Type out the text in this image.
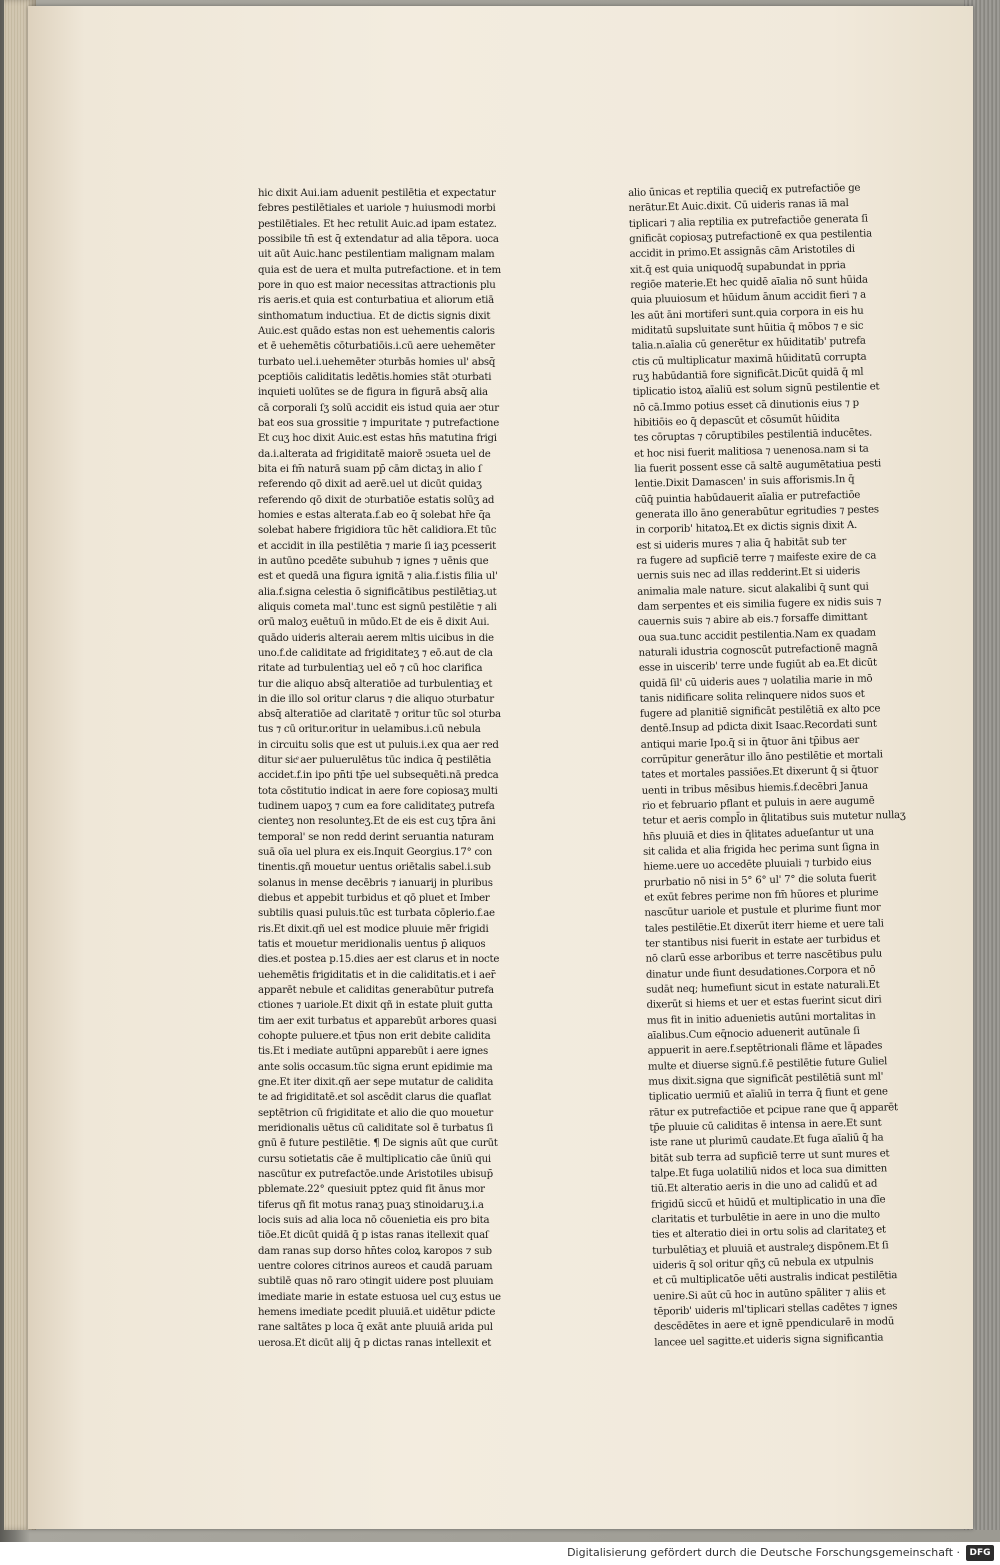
hic dixit Aui.iam aduenit pestilētia et expectatur
febres pestilētiales et uariole ⁊ huiusmodi morbi
pestilētiales. Et hec retulit Auic.ad ipam estatez.
possibile tn̄ est q̄ extendatur ad alia tēpora. uoca
uit aūt Auic.hanc pestilentiam malignam malam
quia est de uera et multa putrefactione. et in tem
pore in quo est maior necessitas attractionis plu
ris aeris.et quia est conturbatiua et aliorum etiā
sinthomatum inductiua. Et de dictis signis dixit
Auic.est quādo estas non est uehementis caloris
et ē uehemētis cōturbatiōis.i.cū aere uehemēter
turbato uel.i.uehemēter ↄturbās homies ul' absq̄
pceptiōis caliditatis ledētis.homies stāt ↄturbati
inquieti uolūtes se de figura in figurā absq̄ alia
cā corporali ſʒ solū accidit eis istud quia aer ↄtur
bat eos sua grossitie ⁊ impuritate ⁊ putrefactione
Et cuʒ hoc dixit Auic.est estas hn̄s matutina frigi
da.i.alterata ad frigiditatē maiorē ↄsueta uel de
bita ei fm̄ naturā suam pp̄ cām dictaʒ in alio ſ
referendo qō dixit ad aerē.uel ut dicūt quidaʒ
referendo qō dixit de ↄturbatiōe estatis solūʒ ad
homies e estas alterata.f.ab eo q̄ solebat hr̄e q̄a
solebat habere frigidiora tūc hēt calidiora.Et tūc
et accidit in illa pestilētia ⁊ marie ſi iaʒ pcesserit
in autūno pcedēte subuhub ⁊ ignes ⁊ uēnis que
est et quedā una figura ignitā ⁊ alia.f.istis filia ul'
alia.f.signa celestia ō significātibus pestilētiaʒ.ut
aliquis cometa mal'.tunc est signū pestilētie ⁊ ali
orū maloʒ euētuū in mūdo.Et de eis ē dixit Aui.
quādo uideris alteraiı aerem mltis uicibus in die
uno.f.de caliditate ad frigiditateʒ ⁊ eō.aut de cla
ritate ad turbulentiaʒ uel eō ⁊ cū hoc clarifica
tur die aliquo absq̄ alteratiōe ad turbulentiaʒ et
in die illo sol oritur clarus ⁊ die aliquo ↄturbatur
absq̄ alteratiōe ad claritatē ⁊ oritur tūc sol ↄturba
tus ⁊ cū oritur.oritur in uelamibus.i.cū nebula
in circuitu solis que est ut puluis.i.ex qua aer red
ditur sicͤ aer puluerulētus tūc indica q̄ pestilētia
accidet.f.in ipo pn̄ti tp̄e uel subsequēti.nā predca
tota cōstitutio indicat in aere fore copiosaʒ multi
tudinem uapoʒ ⁊ cum ea fore caliditateʒ putrefa
cienteʒ non resolunteʒ.Et de eis est cuʒ tp̄ra āni
temporal' se non redd derint seruantia naturam
suā oīa uel plura ex eis.Inquit Georgius.17° con
tinentis.qñ mouetur uentus oriētalis sabel.i.sub
solanus in mense decēbris ⁊ ianuarij in pluribus
diebus et appebit turbidus et qō pluet et Imber
subtilis quasi puluis.tūc est turbata cōplerio.f.ae
ris.Et dixit.qñ uel est modice pluuie mēr frigidi
tatis et mouetur meridionalis uentus p̄ aliquos
dies.et postea p.15.dies aer est clarus et in nocte
uehemētis frigiditatis et in die caliditatis.et i aer̄
apparēt nebule et caliditas generabūtur putrefa
ctiones ⁊ uariole.Et dixit qñ in estate pluit gutta
tim aer exit turbatus et apparebūt arbores quasi
cohopte puluere.et tp̄us non erit debite calidita
tis.Et i mediate autūpni apparebūt i aere ignes
ante solis occasum.tūc signa erunt epidimie ma
gne.Et iter dixit.qñ aer sepe mutatur de calidita
te ad frigiditatē.et sol ascēdit clarus die quaflat
septētrion cū frigiditate et alio die quo mouetur
meridionalis uētus cū caliditate sol ē turbatus ſi
gnū ē future pestilētie. ¶ De signis aūt que curūt
cursu sotietatis cāe ē multiplicatio cāe ūniū qui
nascūtur ex putrefactōe.unde Aristotiles ubisup̄
pblemate.22° quesiuit pptez quid fit ānus mor
tiferus qñ fit motus ranaʒ puaʒ stinoidaruʒ.i.a
locis suis ad alia loca nō cōuenietia eis pro bita
tiōe.Et dicūt quidā q̄ p istas ranas itellexit quaſ
dam ranas sup dorso hn̄tes coloꝝ karopos ⁊ sub
uentre colores citrinos aureos et caudā paruam
subtilē quas nō raro ↄtingit uidere post pluuiam
imediate marie in estate estuosa uel cuʒ estus ue
hemens imediate pcedit pluuiā.et uidētur pdicte
rane saltātes p loca q̄ exāt ante pluuiā arida pul
uerosa.Et dicūt alij q̄ p dictas ranas intellexit et
alio ūnicas et reptilia queciq̄ ex putrefactiōe ge
nerātur.Et Auic.dixit. Cū uideris ranas iā mal
tiplicari ⁊ alia reptilia ex putrefactiōe generata ſi
gnificāt copiosaʒ putrefactionē ex qua pestilentia
accidit in primo.Et assignās cām Aristotiles di
xit.q̄ est quia uniquodq̄ supabundat in ppria
regiōe materie.Et hec quidē aīalia nō sunt hūida
quia pluuiosum et hūidum ānum accidit fieri ⁊ a
les aūt āni mortiferi sunt.quia corpora in eis hu
miditatū supsluitate sunt hūitia q̄ mōbos ⁊ e sic
talia.n.aīalia cū generētur ex hūiditatib' putrefa
ctis cū multiplicatur maximā hūiditatū corrupta
ruʒ habūdantiā fore significāt.Dicūt quidā q̄ ml
tiplicatio istoꝝ aīaliū est solum signū pestilentie et
nō cā.Immo potius esset cā dinutionis eius ⁊ p
hibitiōis eo q̄ depascūt et cōsumūt hūidita
tes cōruptas ⁊ cōruptibiles pestilentiā inducētes.
et hoc nisi fuerit malitiosa ⁊ uenenosa.nam si ta
lia fuerit possent esse cā saltē augumētatiua pesti
lentie.Dixit Damascen' in suis afforismis.In q̄
cūq̄ puintia habūdauerit aīalia er putrefactiōe
generata illo āno generabūtur egritudies ⁊ pestes
in corporib' hitatoꝝ.Et ex dictis signis dixit A.
est si uideris mures ⁊ alia q̄ habitāt sub ter
ra fugere ad supficiē terre ⁊ maifeste exire de ca
uernis suis nec ad illas redderint.Et si uideris
animalia male nature. sicut alakalibi q̄ sunt qui
dam serpentes et eis similia fugere ex nidis suis ⁊
cauernis suis ⁊ abire ab eis.⁊ forsaffe dimittant
oua sua.tunc accidit pestilentia.Nam ex quadam
naturali idustria cognoscūt putrefactionē magnā
esse in uiscerib' terre unde fugiūt ab ea.Et dicūt
quidā ſil' cū uideris aues ⁊ uolatilia marie in mō
tanis nidificare solita relinquere nidos suos et
fugere ad planitiē significāt pestilētiā ex alto pce
dentē.Insup ad pdicta dixit Isaac.Recordati sunt
antiqui marie Ipo.q̄ si in q̄tuor āni tp̄ibus aer
corrūpitur generātur illo āno pestilētie et mortali
tates et mortales passiōes.Et dixerunt q̄ si q̄tuor
uenti in tribus mēsibus hiemis.f.decēbri Janua
rio et februario pflant et puluis in aere augumē
tetur et aeris compl̄o in q̄litatibus suis mutetur nullaʒ
hn̄s pluuiā et dies in q̄litates adueſantur ut una
sit calida et alia frigida hec perima sunt ſigna in
hieme.uere uo accedēte pluuiali ⁊ turbido eius
prurbatio nō nisi in 5° 6° ul' 7° die soluta fuerit
et exūt febres perime non fm̄ hūores et plurime
nascūtur uariole et pustule et plurime fiunt mor
tales pestilētie.Et dixerūt iterr hieme et uere tali
ter stantibus nisi fuerit in estate aer turbidus et
nō clarū esse arboribus et terre nascētibus pulu
dinatur unde fiunt desudationes.Corpora et nō
sudāt neq; humefiunt sicut in estate naturali.Et
dixerūt si hiems et uer et estas fuerint sicut diri
mus fit in initio aduenietis autūni mortalitas in
aīalibus.Cum eq̄nocio aduenerit autūnale ſi
appuerit in aere.f.septētrionali flāme et lāpades
multe et diuerse signū.f.ē pestilētie future Guliel
mus dixit.signa que significāt pestilētiā sunt ml'
tiplicatio uermiū et aīaliū in terra q̄ fiunt et gene
rātur ex putrefactiōe et pcipue rane que q̄ apparēt
tp̄e pluuie cū caliditas ē intensa in aere.Et sunt
iste rane ut plurimū caudate.Et fuga aīaliū q̄ ha
bitāt sub terra ad supficiē terre ut sunt mures et
talpe.Et fuga uolatiliū nidos et loca sua dimitten
tiū.Et alteratio aeris in die uno ad calidū et ad
frigidū siccū et hūidū et multiplicatio in una dīe
claritatis et turbulētie in aere in uno die multo
ties et alteratio diei in ortu solis ad claritateʒ et
turbulētiaʒ et pluuiā et australeʒ dispōnem.Et ſi
uideris q̄ sol oritur qñʒ cū nebula ex utpulnis
et cū multiplicatōe uēti australis indicat pestilētia
uenire.Si aūt cū hoc in autūno spāliter ⁊ aliis et
tēporib' uideris ml'tiplicari stellas cadētes ⁊ ignes
descēdētes in aere et ignē ppendicularē in modū
lancee uel sagitte.et uideris signa significantia
Digitalisierung gefördert durch die Deutsche Forschungsgemeinschaft ·	DFG
